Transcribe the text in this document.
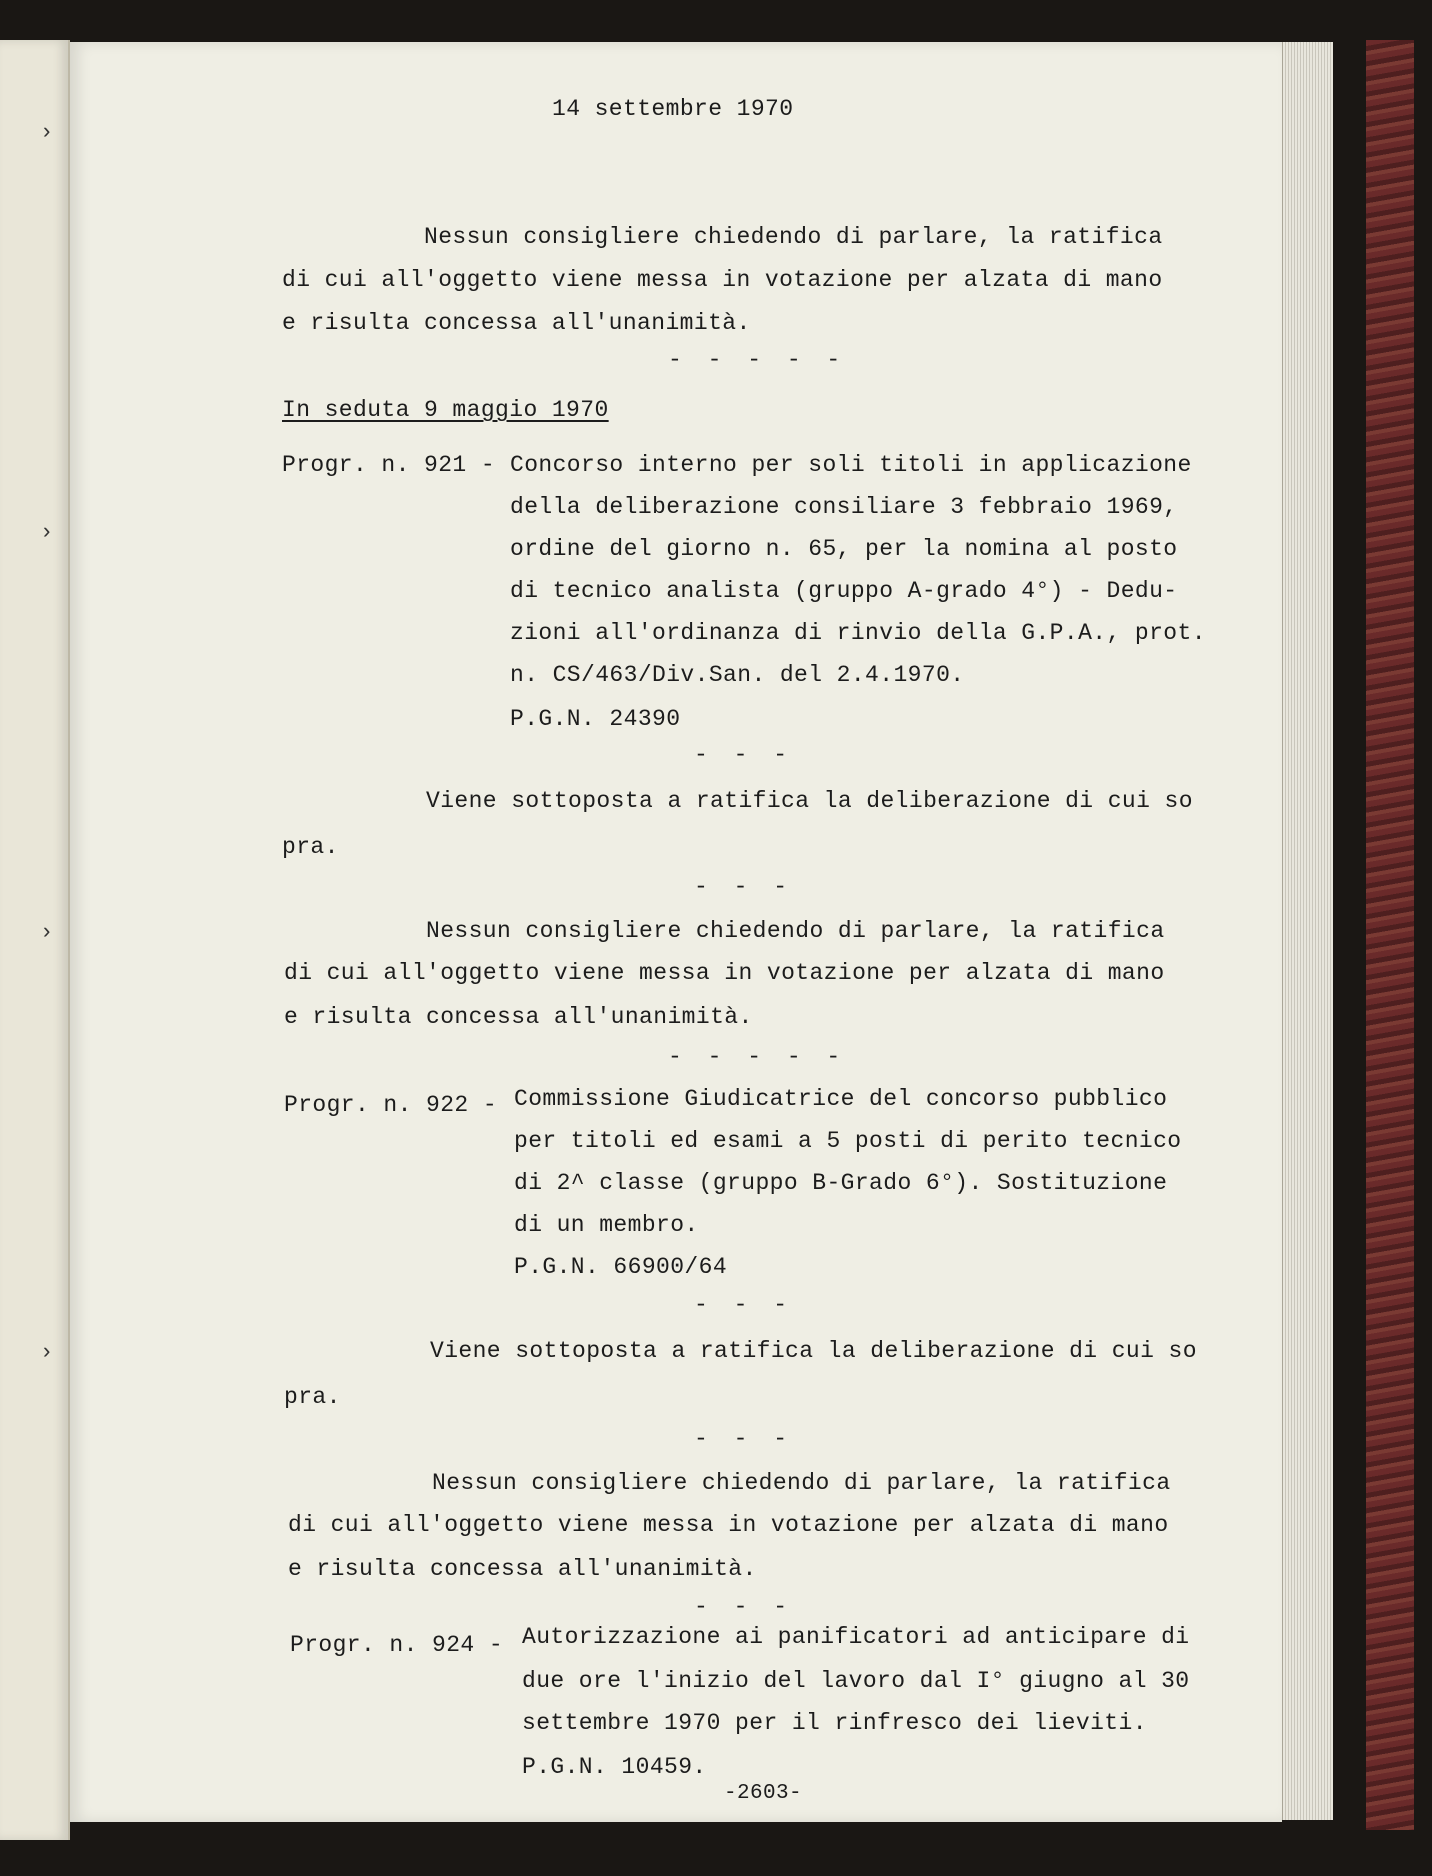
›
›
›
›
14 settembre 1970
Nessun consigliere chiedendo di parlare, la ratifica
di cui all'oggetto viene messa in votazione per alzata di mano
e risulta concessa all'unanimità.
- - - - -
In seduta 9 maggio 1970
Progr. n. 921 - Concorso interno per soli titoli in applicazione
della deliberazione consiliare 3 febbraio 1969,
ordine del giorno n. 65, per la nomina al posto
di tecnico analista (gruppo A-grado 4°) - Dedu-
zioni all'ordinanza di rinvio della G.P.A., prot.
n. CS/463/Div.San. del 2.4.1970.
P.G.N. 24390
- - -
Viene sottoposta a ratifica la deliberazione di cui so
pra.
- - -
Nessun consigliere chiedendo di parlare, la ratifica
di cui all'oggetto viene messa in votazione per alzata di mano
e risulta concessa all'unanimità.
- - - - -
Progr. n. 922 - Commissione Giudicatrice del concorso pubblico
per titoli ed esami a 5 posti di perito tecnico
di 2^ classe (gruppo B-Grado 6°). Sostituzione
di un membro.
P.G.N. 66900/64
- - -
Viene sottoposta a ratifica la deliberazione di cui so
pra.
- - -
Nessun consigliere chiedendo di parlare, la ratifica
di cui all'oggetto viene messa in votazione per alzata di mano
e risulta concessa all'unanimità.
- - -
Progr. n. 924 - Autorizzazione ai panificatori ad anticipare di
due ore l'inizio del lavoro dal I° giugno al 30
settembre 1970 per il rinfresco dei lieviti.
P.G.N. 10459.
-2603-
